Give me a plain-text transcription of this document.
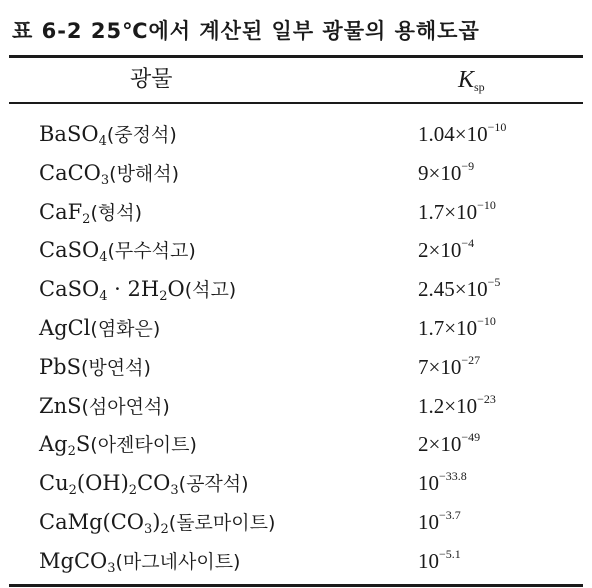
표 6-2 25℃에서 계산된 일부 광물의 용해도곱
광물	$K_{sp}$
BaSO$_4$(중정석)	$1.04\times 10^{-10}$
CaCO$_3$(방해석)	$9\times 10^{-9}$
CaF$_2$(형석)	$1.7\times 10^{-10}$
CaSO$_4$(무수석고)	$2\times 10^{-4}$
CaSO$_4$ · $2H_2O$(석고)	$2.45\times 10^{-5}$
AgCl(염화은)	$1.7\times 10^{-10}$
PbS(방연석)	$7\times 10^{-27}$
ZnS(섬아연석)	$1.2\times 10^{-23}$
$Ag_2S$(아젠타이트)	$2\times 10^{-49}$
$Cu_2(OH)_2CO_3$(공작석)	$10^{-33.8}$
$CaMg(CO_3)_2$(돌로마이트)	$10^{-3.7}$
MgCO$_3$(마그네사이트)	$10^{-5.1}$
